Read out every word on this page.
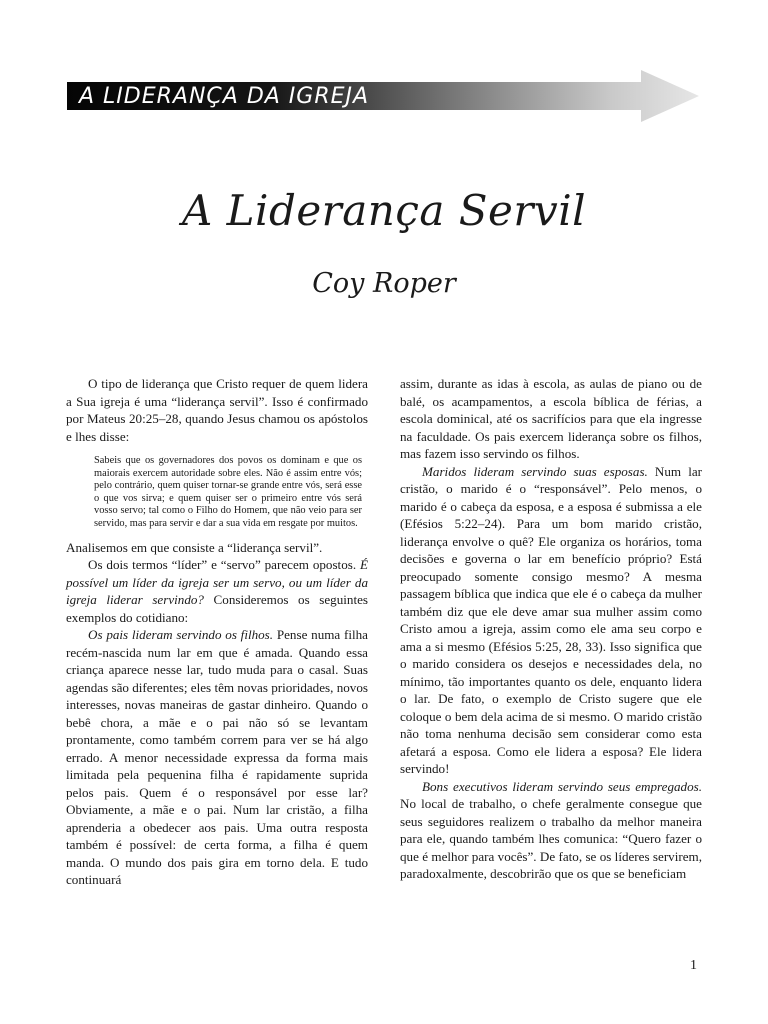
A LIDERANÇA DA IGREJA
A Liderança Servil
Coy Roper

O tipo de liderança que Cristo requer de quem lidera a Sua igreja é uma “liderança servil”. Isso é confirmado por Mateus 20:25–28, quando Jesus chamou os apóstolos e lhes disse:

Sabeis que os governadores dos povos os dominam e que os maiorais exercem autoridade sobre eles. Não é assim entre vós; pelo contrário, quem quiser tornar-se grande entre vós, será esse o que vos sirva; e quem quiser ser o primeiro entre vós será vosso servo; tal como o Filho do Homem, que não veio para ser servido, mas para servir e dar a sua vida em resgate por muitos.

Analisemos em que consiste a “liderança servil”.

Os dois termos “líder” e “servo” parecem opostos. É possível um líder da igreja ser um servo, ou um líder da igreja liderar servindo? Consideremos os seguintes exemplos do cotidiano:

Os pais lideram servindo os filhos. Pense numa filha recém-nascida num lar em que é amada. Quando essa criança aparece nesse lar, tudo muda para o casal. Suas agendas são diferentes; eles têm novas prioridades, novos interesses, novas maneiras de gastar dinheiro. Quando o bebê chora, a mãe e o pai não só se levantam prontamente, como também correm para ver se há algo errado. A menor necessidade expressa da forma mais limitada pela pequenina filha é rapidamente suprida pelos pais. Quem é o responsável por esse lar? Obviamente, a mãe e o pai. Num lar cristão, a filha aprenderia a obedecer aos pais. Uma outra resposta também é possível: de certa forma, a filha é quem manda. O mundo dos pais gira em torno dela. E tudo continuará

assim, durante as idas à escola, as aulas de piano ou de balé, os acampamentos, a escola bíblica de férias, a escola dominical, até os sacrifícios para que ela ingresse na faculdade. Os pais exercem liderança sobre os filhos, mas fazem isso servindo os filhos.

Maridos lideram servindo suas esposas. Num lar cristão, o marido é o “responsável”. Pelo menos, o marido é o cabeça da esposa, e a esposa é submissa a ele (Efésios 5:22–24). Para um bom marido cristão, liderança envolve o quê? Ele organiza os horários, toma decisões e governa o lar em benefício próprio? Está preocupado somente consigo mesmo? A mesma passagem bíblica que indica que ele é o cabeça da mulher também diz que ele deve amar sua mulher assim como Cristo amou a igreja, assim como ele ama seu corpo e ama a si mesmo (Efésios 5:25, 28, 33). Isso significa que o marido considera os desejos e necessidades dela, no mínimo, tão importantes quanto os dele, enquanto lidera o lar. De fato, o exemplo de Cristo sugere que ele coloque o bem dela acima de si mesmo. O marido cristão não toma nenhuma decisão sem considerar como esta afetará a esposa. Como ele lidera a esposa? Ele lidera servindo!

Bons executivos lideram servindo seus empregados. No local de trabalho, o chefe geralmente consegue que seus seguidores realizem o trabalho da melhor maneira para ele, quando também lhes comunica: “Quero fazer o que é melhor para vocês”. De fato, se os líderes servirem, paradoxalmente, descobrirão que os que se beneficiam

1
